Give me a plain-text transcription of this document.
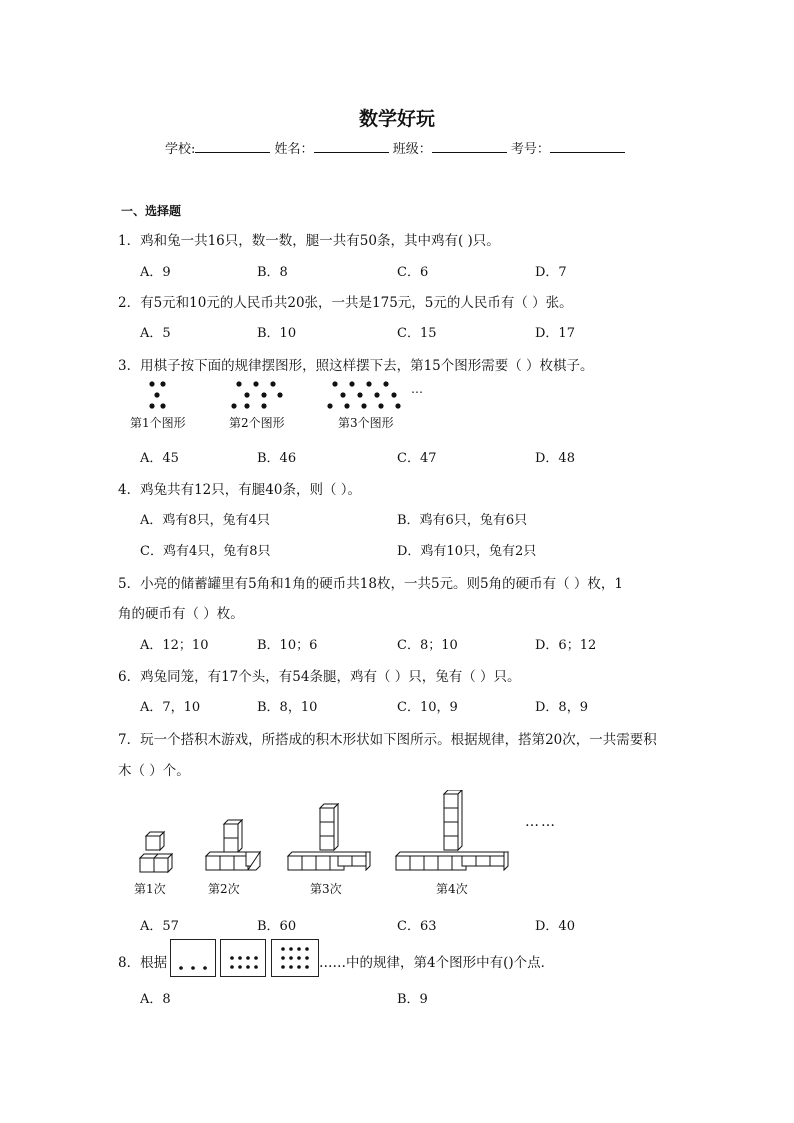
数学好玩
学校:	姓名：	班级：	考号：
一、选择题
1．鸡和兔一共16只，数一数，腿一共有50条，其中鸡有( )只。
A．9	B．8	C．6	D．7
2．有5元和10元的人民币共20张，一共是175元，5元的人民币有（ ）张。
A．5	B．10	C．15	D．17
3．用棋子按下面的规律摆图形，照这样摆下去，第15个图形需要（ ）枚棋子。
…
第1个图形	第2个图形	第3个图形
A．45	B．46	C．47	D．48
4．鸡兔共有12只，有腿40条，则（ ）。
A．鸡有8只，兔有4只	B．鸡有6只，兔有6只
C．鸡有4只，兔有8只	D．鸡有10只，兔有2只
5．小亮的储蓄罐里有5角和1角的硬币共18枚，一共5元。则5角的硬币有（ ）枚，1
角的硬币有（ ）枚。
A．12；10	B．10；6	C．8；10	D．6；12
6．鸡兔同笼，有17个头，有54条腿，鸡有（ ）只，兔有（ ）只。
A．7，10	B．8，10	C．10，9	D．8，9
7．玩一个搭积木游戏，所搭成的积木形状如下图所示。根据规律，搭第20次，一共需要积
木（ ）个。
……
第1次	第2次	第3次	第4次
A．57	B．60	C．63	D．40
8．根据	……中的规律，第4个图形中有()个点．
A．8	B．9
